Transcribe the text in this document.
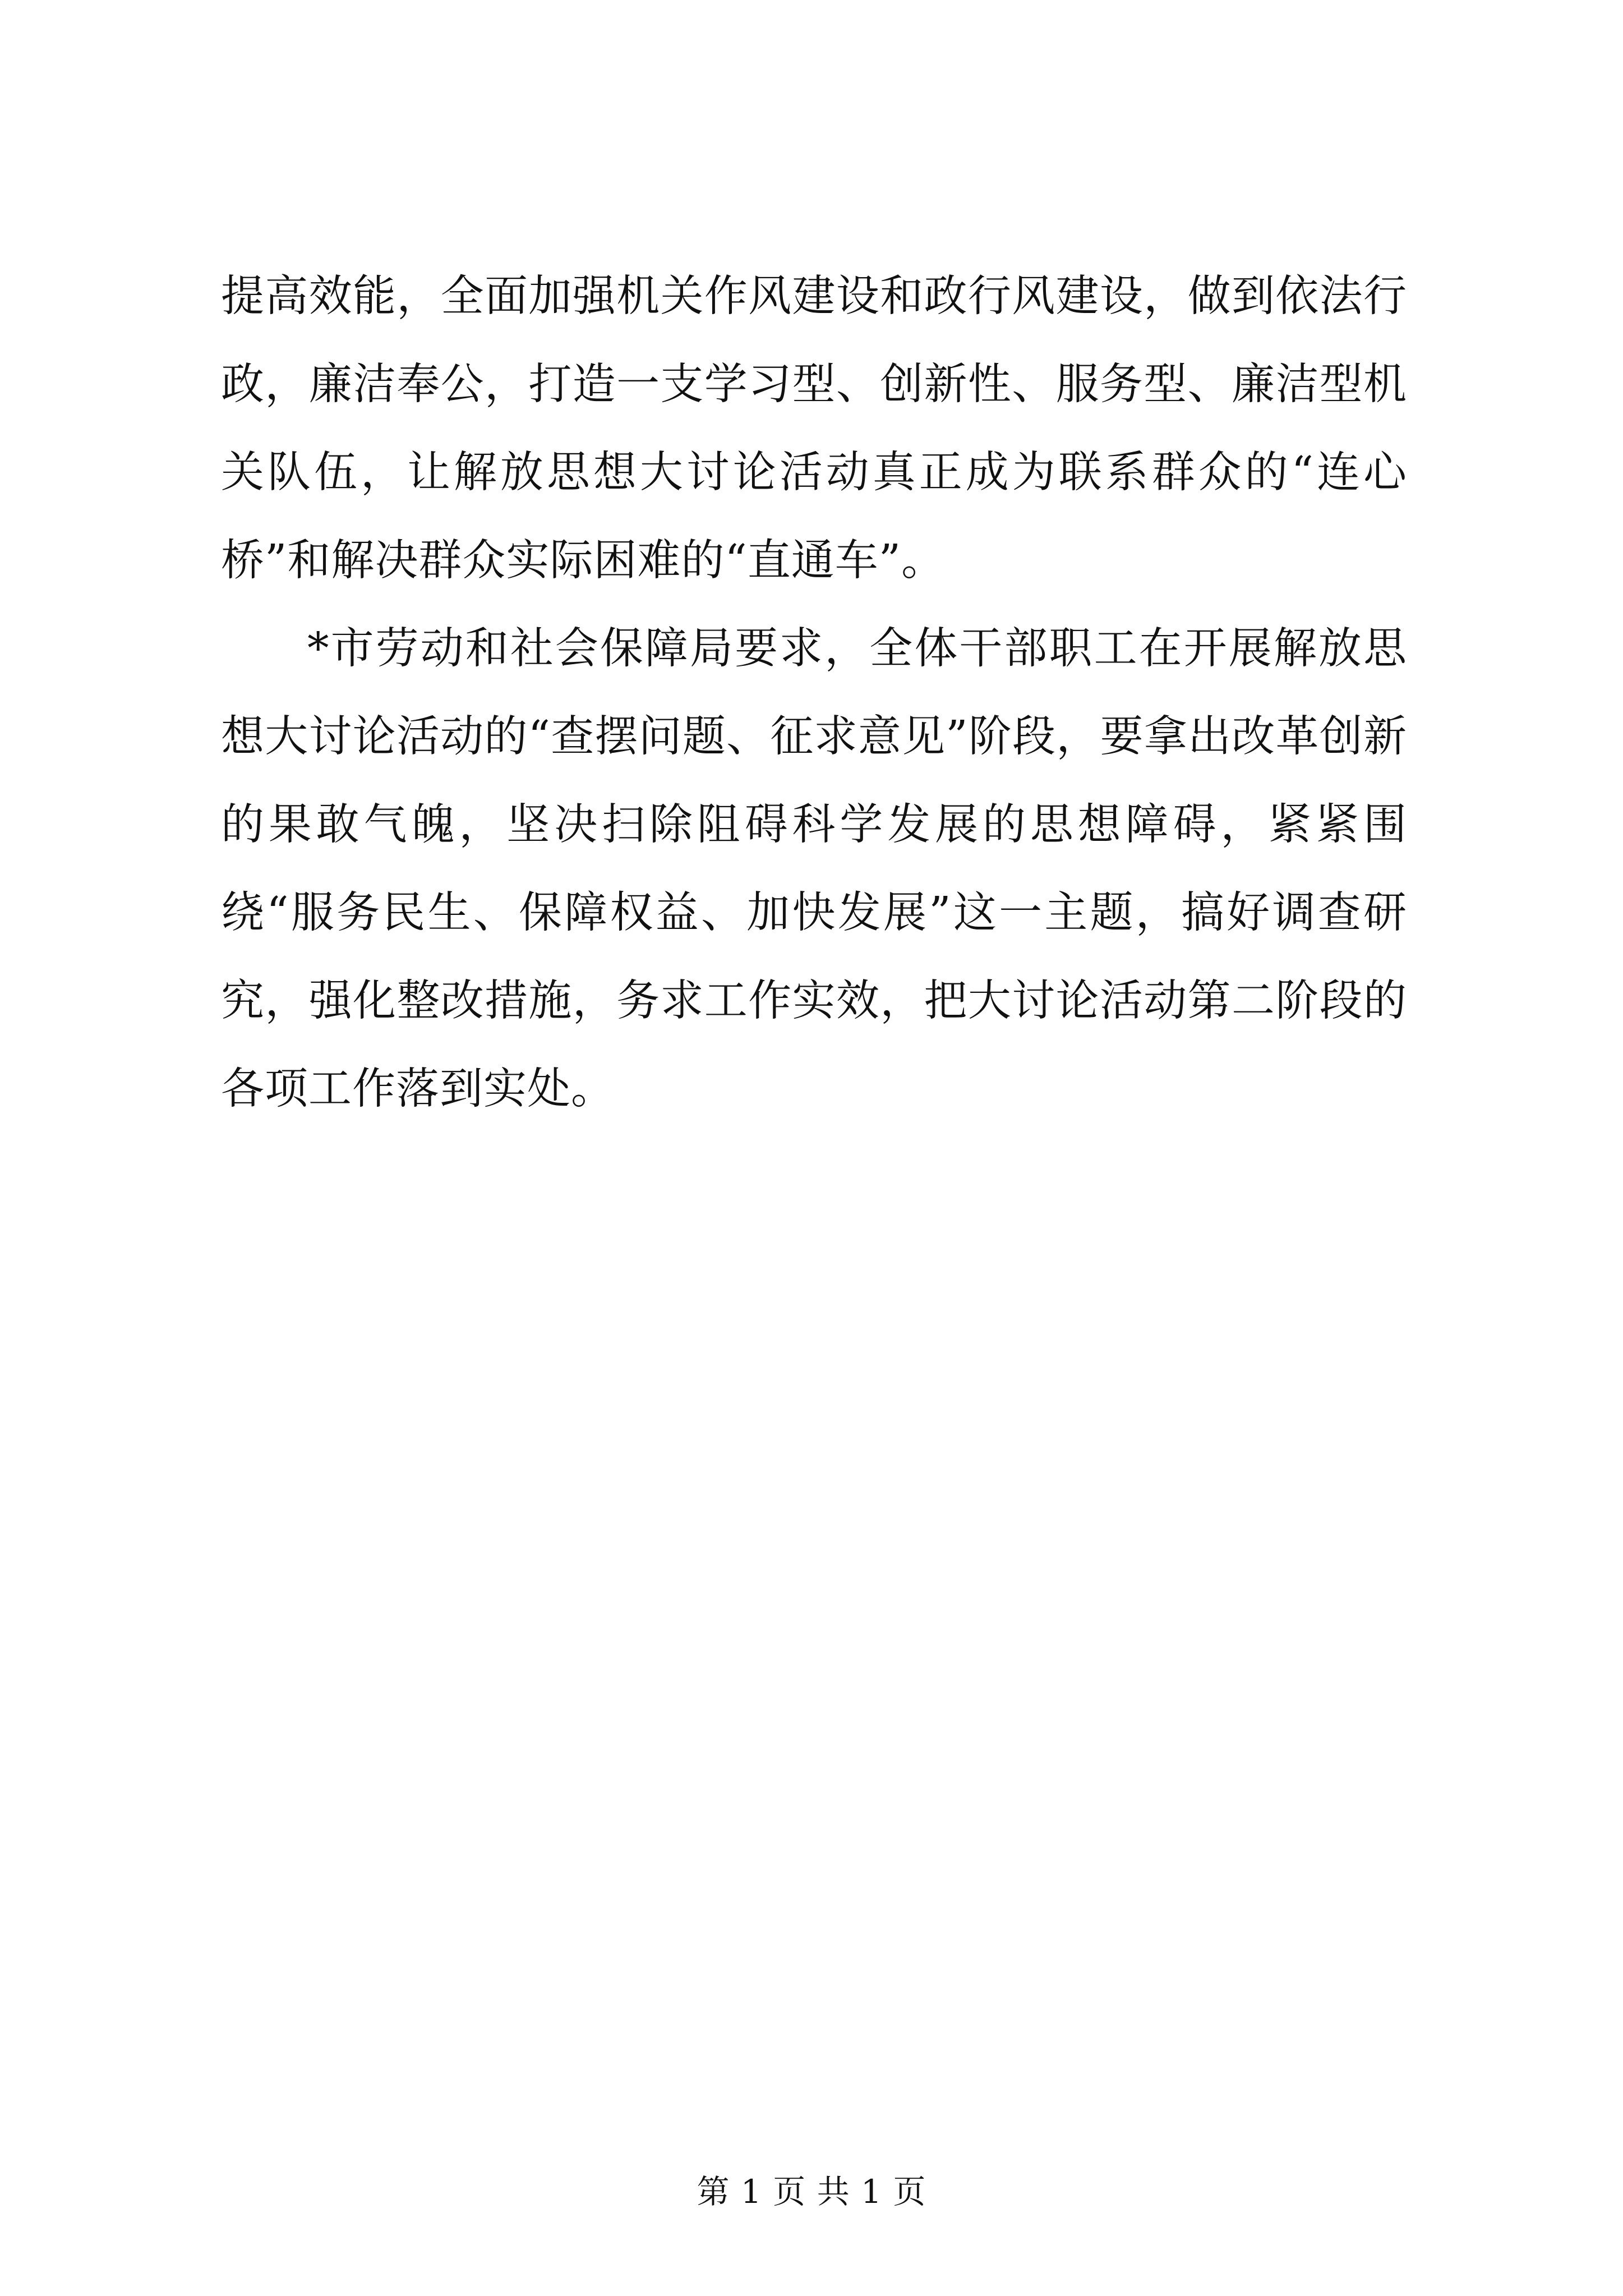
提高效能，全面加强机关作风建设和政行风建设，做到依法行政，廉洁奉公，打造一支学习型、创新性、服务型、廉洁型机关队伍，让解放思想大讨论活动真正成为联系群众的“连心桥”和解决群众实际困难的“直通车”。

*市劳动和社会保障局要求，全体干部职工在开展解放思想大讨论活动的“查摆问题、征求意见”阶段，要拿出改革创新的果敢气魄，坚决扫除阻碍科学发展的思想障碍，紧紧围绕“服务民生、保障权益、加快发展”这一主题，搞好调查研究，强化整改措施，务求工作实效，把大讨论活动第二阶段的各项工作落到实处。

第 1 页 共 1 页
